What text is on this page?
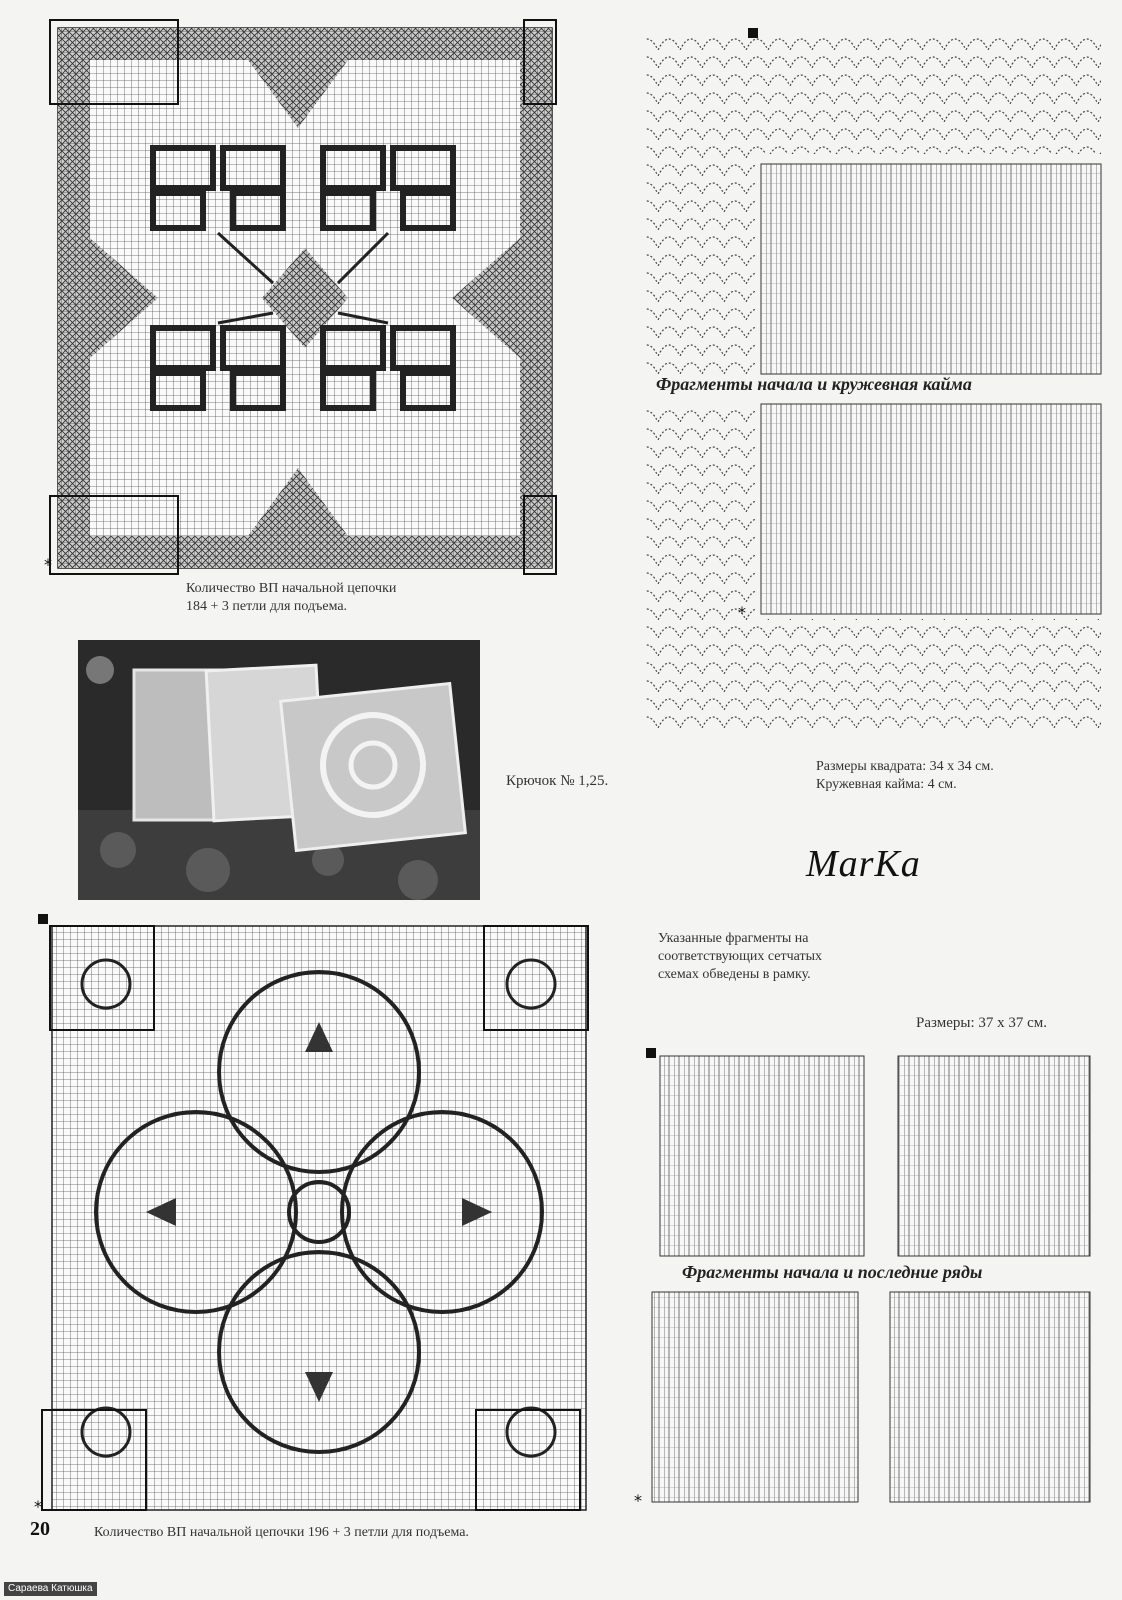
*
Количество ВП начальной цепочки
184 + 3 петли для подъема.
Фрагменты начала и кружевная кайма
*
Размеры квадрата: 34 х 34 см.
Кружевная кайма: 4 см.
Крючок № 1,25.
MarKa
Указанные фрагменты на
соответствующих сетчатых
схемах обведены в рамку.
Размеры: 37 х 37 см.
*
Фрагменты начала и последние ряды
*
20	Количество ВП начальной цепочки 196 + 3 петли для подъема.
Сараева Катюшка
